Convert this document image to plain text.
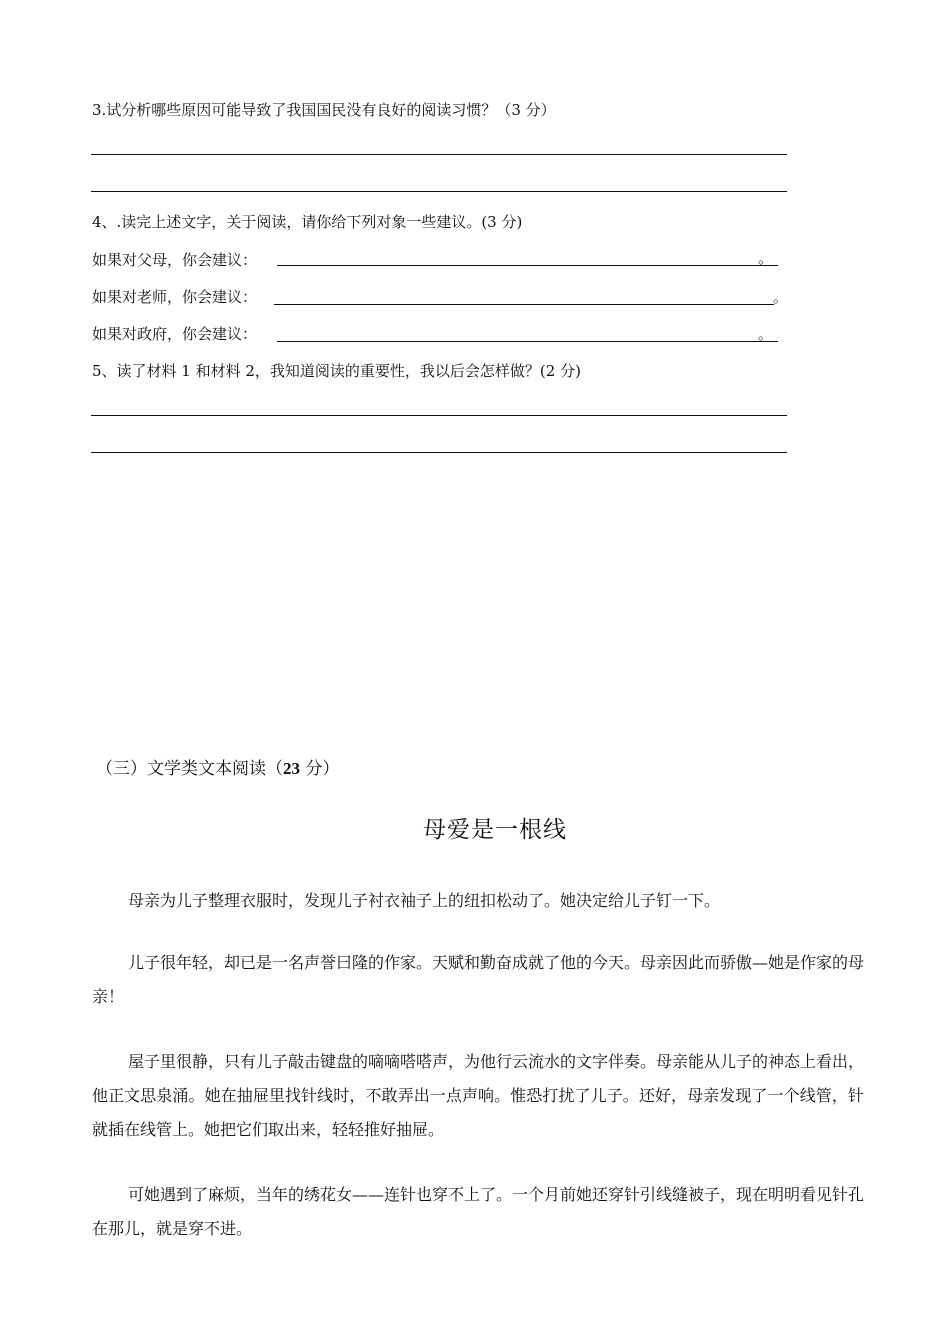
3.试分析哪些原因可能导致了我国国民没有良好的阅读习惯？（3 分）
4、.读完上述文字，关于阅读，请你给下列对象一些建议。(3 分)
如果对父母，你会建议：	。
如果对老师，你会建议：	。
如果对政府，你会建议：	。
5、读了材料 1 和材料 2，我知道阅读的重要性，我以后会怎样做？(2 分)
（三）文学类文本阅读（23 分）
母爱是一根线
母亲为儿子整理衣服时，发现儿子衬衣袖子上的纽扣松动了。她决定给儿子钉一下。
儿子很年轻，却已是一名声誉曰隆的作家。天赋和勤奋成就了他的今天。母亲因此而骄傲—她是作家的母亲！
屋子里很静，只有儿子敲击键盘的嘀嘀嗒嗒声，为他行云流水的文字伴奏。母亲能从儿子的神态上看出，他正文思泉涌。她在抽屉里找针线时，不敢弄出一点声响。惟恐打扰了儿子。还好，母亲发现了一个线管，针就插在线管上。她把它们取出来，轻轻推好抽屉。
可她遇到了麻烦，当年的绣花女——连针也穿不上了。一个月前她还穿针引线缝被子，现在明明看见针孔在那儿，就是穿不进。
